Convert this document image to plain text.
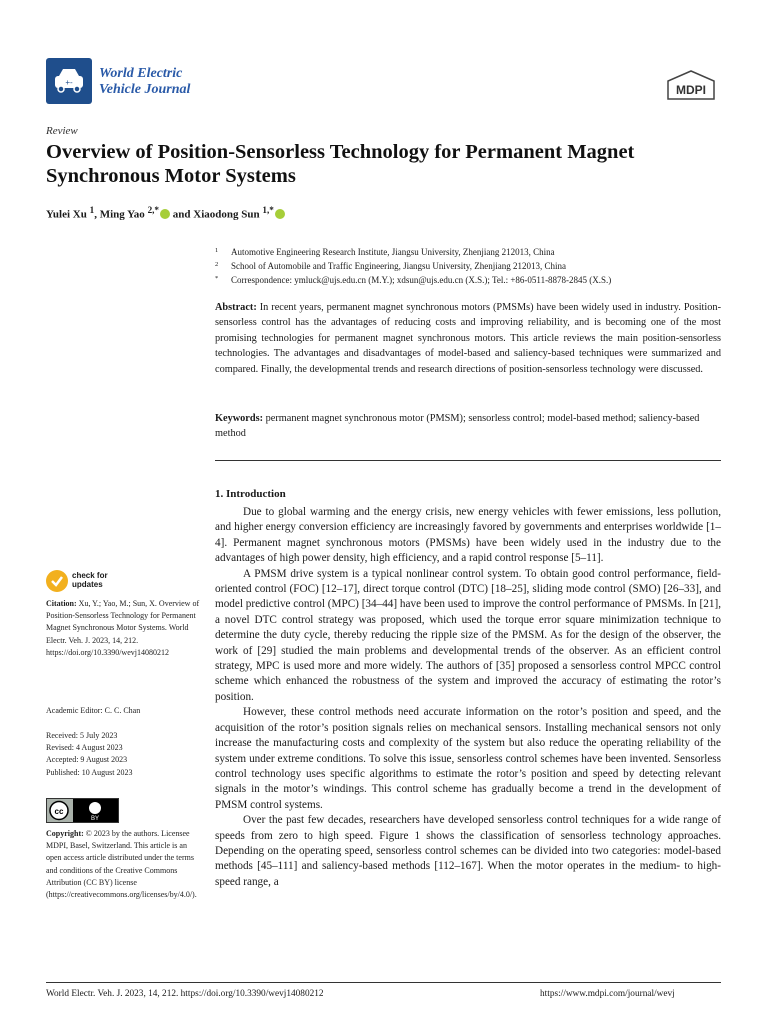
+-
World Electric
Vehicle Journal	MDPI
Review
Overview of Position-Sensorless Technology for Permanent Magnet Synchronous Motor Systems
Yulei Xu $^1$, Ming Yao $^{2,*}$ and Xiaodong Sun $^{1,*}$
$^1$ Automotive Engineering Research Institute, Jiangsu University, Zhenjiang 212013, China
$^2$ School of Automobile and Traffic Engineering, Jiangsu University, Zhenjiang 212013, China
* Correspondence: ymluck@ujs.edu.cn (M.Y.); xdsun@ujs.edu.cn (X.S.); Tel.: +86-0511-8878-2845 (X.S.)
Abstract: In recent years, permanent magnet synchronous motors (PMSMs) have been widely used in industry. Position-sensorless control has the advantages of reducing costs and improving reliability, and is becoming one of the most promising technologies for permanent magnet synchronous motors. This article reviews the main position-sensorless technologies. The advantages and disadvantages of model-based and saliency-based techniques were summarized and compared. Finally, the developmental trends and research directions of position-sensorless technology were discussed.
Keywords: permanent magnet synchronous motor (PMSM); sensorless control; model-based method; saliency-based method
1. Introduction

Due to global warming and the energy crisis, new energy vehicles with fewer emissions, less pollution, and higher energy conversion efficiency are increasingly favored by governments and enterprises worldwide [1–4]. Permanent magnet synchronous motors (PMSMs) have been widely used in the industry due to the advantages of high power density, high efficiency, and a rapid control response [5–11].

A PMSM drive system is a typical nonlinear control system. To obtain good control performance, field-oriented control (FOC) [12–17], direct torque control (DTC) [18–25], sliding mode control (SMO) [26–33], and model predictive control (MPC) [34–44] have been used to improve the control performance of PMSMs. In [21], a novel DTC control strategy was proposed, which used the torque error square minimization technique to determine the duty cycle, thereby reducing the ripple size of the PMSM. As for the design of the observer, the work of [29] studied the main problems and developmental trends of the observer. As an efficient control strategy, MPC is used more and more widely. The authors of [35] proposed a sensorless control MPCC control scheme which enhanced the robustness of the system and improved the accuracy of estimating the rotor’s position.

However, these control methods need accurate information on the rotor’s position and speed, and the acquisition of the rotor’s position signals relies on mechanical sensors. Installing mechanical sensors not only increase the manufacturing costs and complexity of the system but also reduce the operating reliability of the system under extreme conditions. To solve this issue, sensorless control schemes have been invented. Sensorless control technology uses specific algorithms to estimate the rotor’s position and speed by detecting relevant signals in the motor’s windings. This control scheme has gradually become a trend in the development of PMSM control systems.

Over the past few decades, researchers have developed sensorless control techniques for a wide range of speeds from zero to high speed. Figure 1 shows the classification of sensorless technology approaches. Depending on the operating speed, sensorless control schemes can be divided into two categories: model-based methods [45–111] and saliency-based methods [112–167]. When the motor operates in the medium- to high-speed range, a

check for
updates
Citation: Xu, Y.; Yao, M.; Sun, X. Overview of Position-Sensorless Technology for Permanent Magnet Synchronous Motor Systems. World Electr. Veh. J. 2023, 14, 212. https://doi.org/10.3390/wevj14080212
Academic Editor: C. C. Chan
Received: 5 July 2023
Revised: 4 August 2023
Accepted: 9 August 2023
Published: 10 August 2023
cc
BY
Copyright: © 2023 by the authors. Licensee MDPI, Basel, Switzerland. This article is an open access article distributed under the terms and conditions of the Creative Commons Attribution (CC BY) license (https://creativecommons.org/licenses/by/4.0/).
World Electr. Veh. J. 2023, 14, 212. https://doi.org/10.3390/wevj14080212	https://www.mdpi.com/journal/wevj
